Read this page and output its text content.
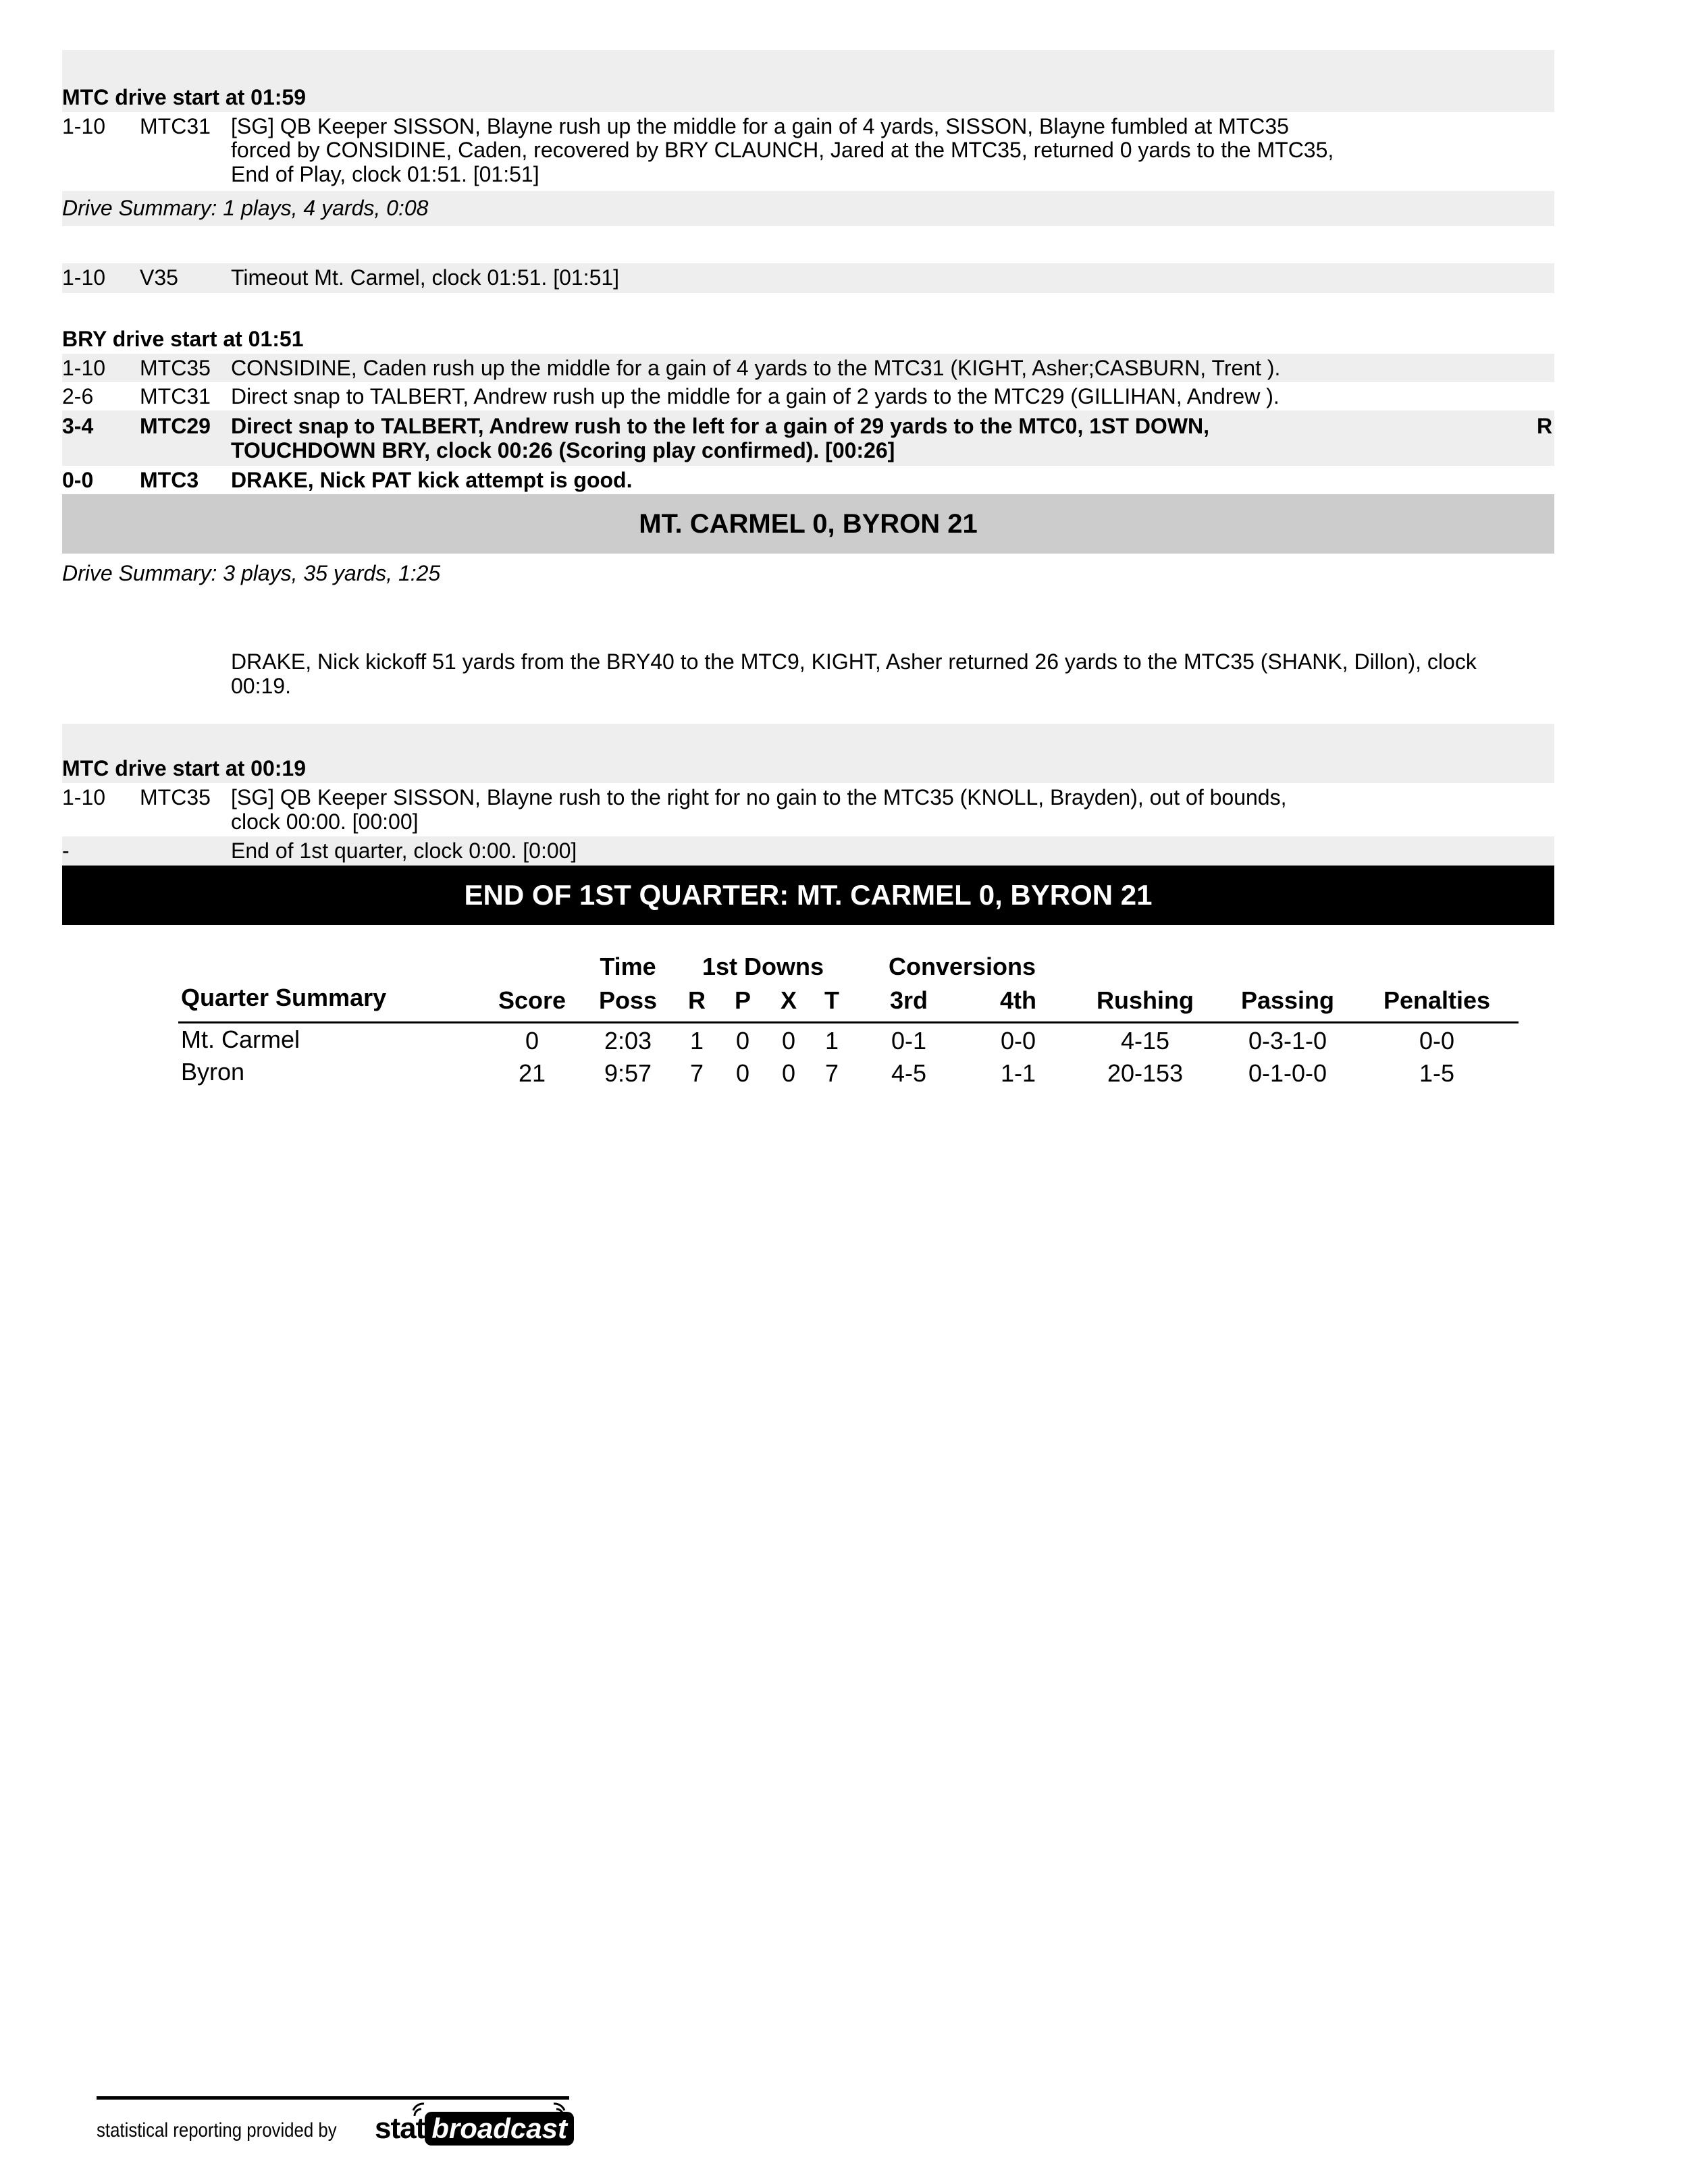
MTC drive start at 01:59
1-10 MTC31 [SG] QB Keeper SISSON, Blayne rush up the middle for a gain of 4 yards, SISSON, Blayne fumbled at MTC35
forced by CONSIDINE, Caden, recovered by BRY CLAUNCH, Jared at the MTC35, returned 0 yards to the MTC35,
End of Play, clock 01:51. [01:51]
Drive Summary: 1 plays, 4 yards, 0:08
1-10 V35 Timeout Mt. Carmel, clock 01:51. [01:51]
BRY drive start at 01:51
1-10 MTC35 CONSIDINE, Caden rush up the middle for a gain of 4 yards to the MTC31 (KIGHT, Asher;CASBURN, Trent ).
2-6 MTC31 Direct snap to TALBERT, Andrew rush up the middle for a gain of 2 yards to the MTC29 (GILLIHAN, Andrew ).
3-4 MTC29 Direct snap to TALBERT, Andrew rush to the left for a gain of 29 yards to the MTC0, 1ST DOWN,
TOUCHDOWN BRY, clock 00:26 (Scoring play confirmed). [00:26]
R
0-0 MTC3 DRAKE, Nick PAT kick attempt is good.
MT. CARMEL 0, BYRON 21
Drive Summary: 3 plays, 35 yards, 1:25
DRAKE, Nick kickoff 51 yards from the BRY40 to the MTC9, KIGHT, Asher returned 26 yards to the MTC35 (SHANK, Dillon), clock
00:19.
MTC drive start at 00:19
1-10 MTC35 [SG] QB Keeper SISSON, Blayne rush to the right for no gain to the MTC35 (KNOLL, Brayden), out of bounds,
clock 00:00. [00:00]
-	End of 1st quarter, clock 0:00. [0:00]
END OF 1ST QUARTER: MT. CARMEL 0, BYRON 21
Time 1st Downs	Conversions
Quarter Summary	Score Poss R P X T 3rd	4th Rushing Passing Penalties
Mt. Carmel	0	2:03 1 0 0 1 0-1	0-0	4-15	0-3-1-0	0-0
Byron	21 9:57 7 0 0 7 4-5	1-1	20-153	0-1-0-0	1-5
statistical reporting provided by stat broadcast
